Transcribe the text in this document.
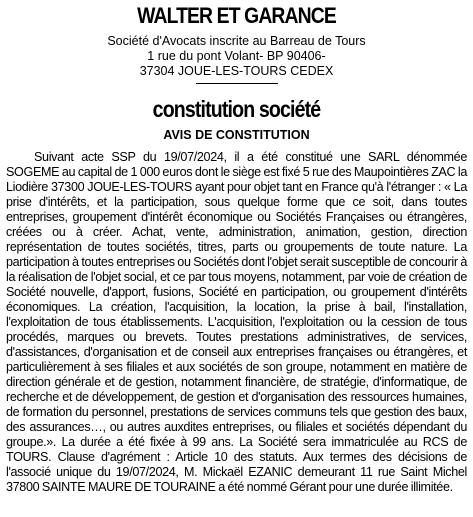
WALTER ET GARANCE
Société d'Avocats inscrite au Barreau de Tours
1 rue du pont Volant- BP 90406-
37304 JOUE-LES-TOURS CEDEX
constitution société
AVIS DE CONSTITUTION

Suivant acte SSP du 19/07/2024, il a été constitué une SARL dénommée SOGEME au capital de 1 000 euros dont le siège est fixé 5 rue des Maupointières ZAC la Liodière 37300 JOUE-LES-TOURS ayant pour objet tant en France qu'à l'étranger : « La prise d'intérêts, et la participation, sous quelque forme que ce soit, dans toutes entreprises, groupement d'intérêt économique ou Sociétés Françaises ou étrangères, créées ou à créer. Achat, vente, administration, animation, gestion, direction représentation de toutes sociétés, titres, parts ou groupements de toute nature. La participation à toutes entreprises ou Sociétés dont l'objet serait susceptible de concourir à la réalisation de l'objet social, et ce par tous moyens, notamment, par voie de création de Société nouvelle, d'apport, fusions, Société en participation, ou groupement d'intérêts économiques. La création, l'acquisition, la location, la prise à bail, l'installation, l'exploitation de tous établissements. L'acquisition, l'exploitation ou la cession de tous procédés, marques ou brevets. Toutes prestations administratives, de services, d'assistances, d'organisation et de conseil aux entreprises françaises ou étrangères, et particulièrement à ses filiales et aux sociétés de son groupe, notamment en matière de direction générale et de gestion, notamment financière, de stratégie, d'informatique, de recherche et de développement, de gestion et d'organisation des ressources humaines, de formation du personnel, prestations de services communs tels que gestion des baux, des assurances…, ou autres auxdites entreprises, ou filiales et sociétés dépendant du groupe.». La durée a été fixée à 99 ans. La Société sera immatriculée au RCS de TOURS. Clause d'agrément : Article 10 des statuts. Aux termes des décisions de l'associé unique du 19/07/2024, M. Mickaël EZANIC demeurant 11 rue Saint Michel 37800 SAINTE MAURE DE TOURAINE a été nommé Gérant pour une durée illimitée.
